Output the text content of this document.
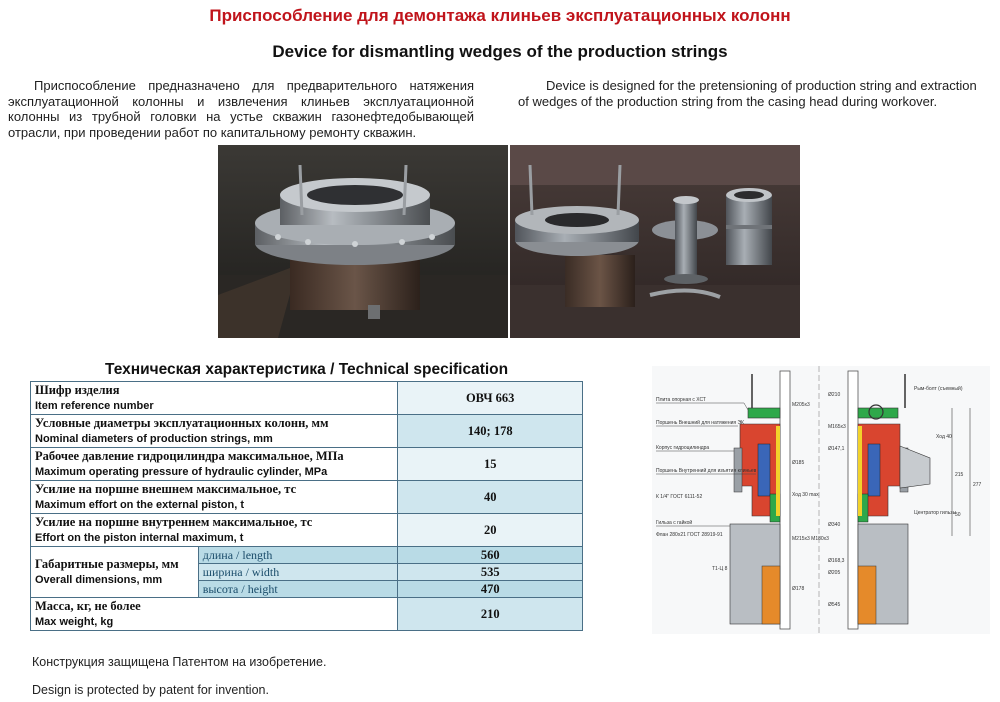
Приспособление для демонтажа клиньев эксплуатационных колонн
Device for dismantling wedges of the production strings
Приспособление предназначено для предварительного натяжения эксплуатационной колонны и извлечения клиньев эксплуатационной колонны из трубной головки на устье скважин газонефтедобывающей отрасли, при проведении работ по капитальному ремонту скважин.
Device is designed for the pretensioning of production string and extraction of wedges of the production string from the casing head during workover.
Техническая характеристика / Technical specification
Шифр изделия
Item reference number		ОВЧ 663
Условные диаметры эксплуатационных колонн, мм
Nominal diameters of production strings, mm		140; 178
Рабочее давление гидроцилиндра максимальное, МПа
Maximum operating pressure of hydraulic cylinder, MPa		15
Усилие на поршне внешнем максимальное, тс
Maximum effort on the external piston, t		40
Усилие на поршне внутреннем максимальное, тс
Effort on the piston internal maximum, t		20
Габаритные размеры, мм
Overall dimensions, mm	длина / length	560
	ширина / width	535
	высота / height	470
Масса, кг, не более
Max weight, kg		210
Плита опорная с ХСТ
Поршень Внешний для натяжения ЭК
Корпус гидроцилиндра
Поршень Внутренний для изъятия клиньев
Гильза с гайкой
Флан 280х21 ГОСТ 28919-91
Рым-болт (съемный)
Центратор гильзы
М205х3
Ø210
М165х3
Ø147,1
Ø185
Ø340
М215х3 М180х3
Ø168,3
Ø205
Ø178
Ø545
215
277
Ход 40
Ход 30 max
50
Т1-Ц 8
К 1/4" ГОСТ 6111-52
Конструкция защищена Патентом на изобретение.
Design is protected by patent for invention.
